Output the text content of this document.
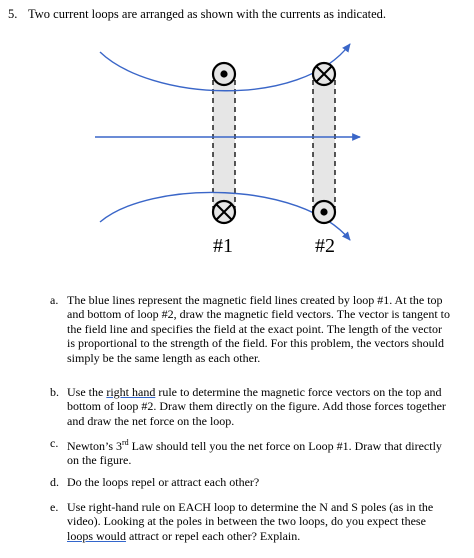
5. Two current loops are arranged as shown with the currents as indicated.
#1	#2
a. The blue lines represent the magnetic field lines created by loop #1. At the top and bottom of loop #2, draw the magnetic field vectors. The vector is tangent to the field line and specifies the field at the exact point. The length of the vector is proportional to the strength of the field. For this problem, the vectors should simply be the same length as each other.
b. Use the right hand rule to determine the magnetic force vectors on the top and bottom of loop #2. Draw them directly on the figure. Add those forces together and draw the net force on the loop.
c. Newton’s 3rd Law should tell you the net force on Loop #1. Draw that directly on the figure.
d. Do the loops repel or attract each other?
e. Use right-hand rule on EACH loop to determine the N and S poles (as in the video). Looking at the poles in between the two loops, do you expect these loops would attract or repel each other? Explain.
